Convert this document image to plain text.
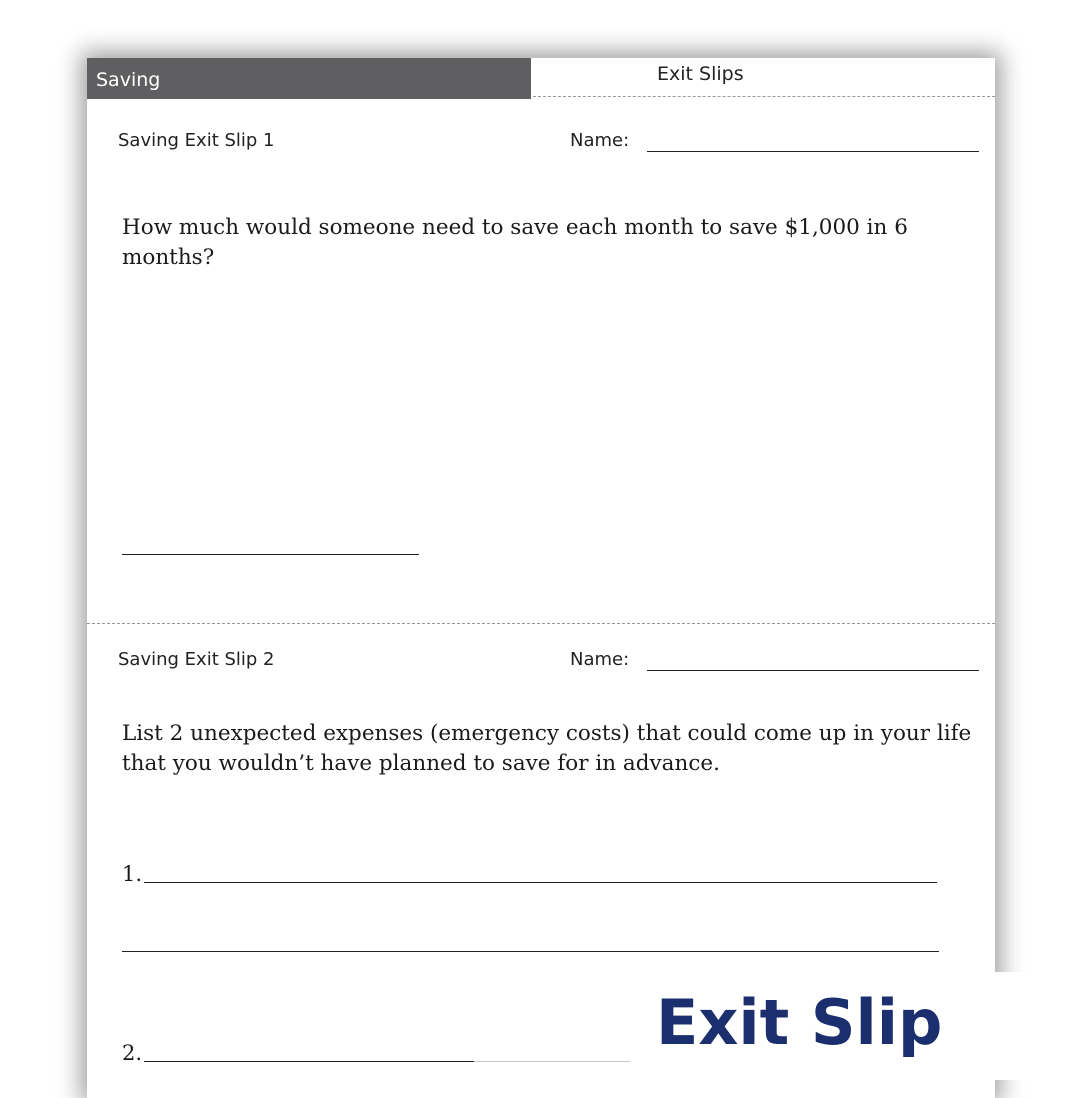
Saving	Exit Slips
Saving Exit Slip 1	Name:
How much would someone need to save each month to save $1,000 in 6 months?
Saving Exit Slip 2	Name:
List 2 unexpected expenses (emergency costs) that could come up in your life that you wouldn’t have planned to save for in advance.
1.
2.	Exit Slip
